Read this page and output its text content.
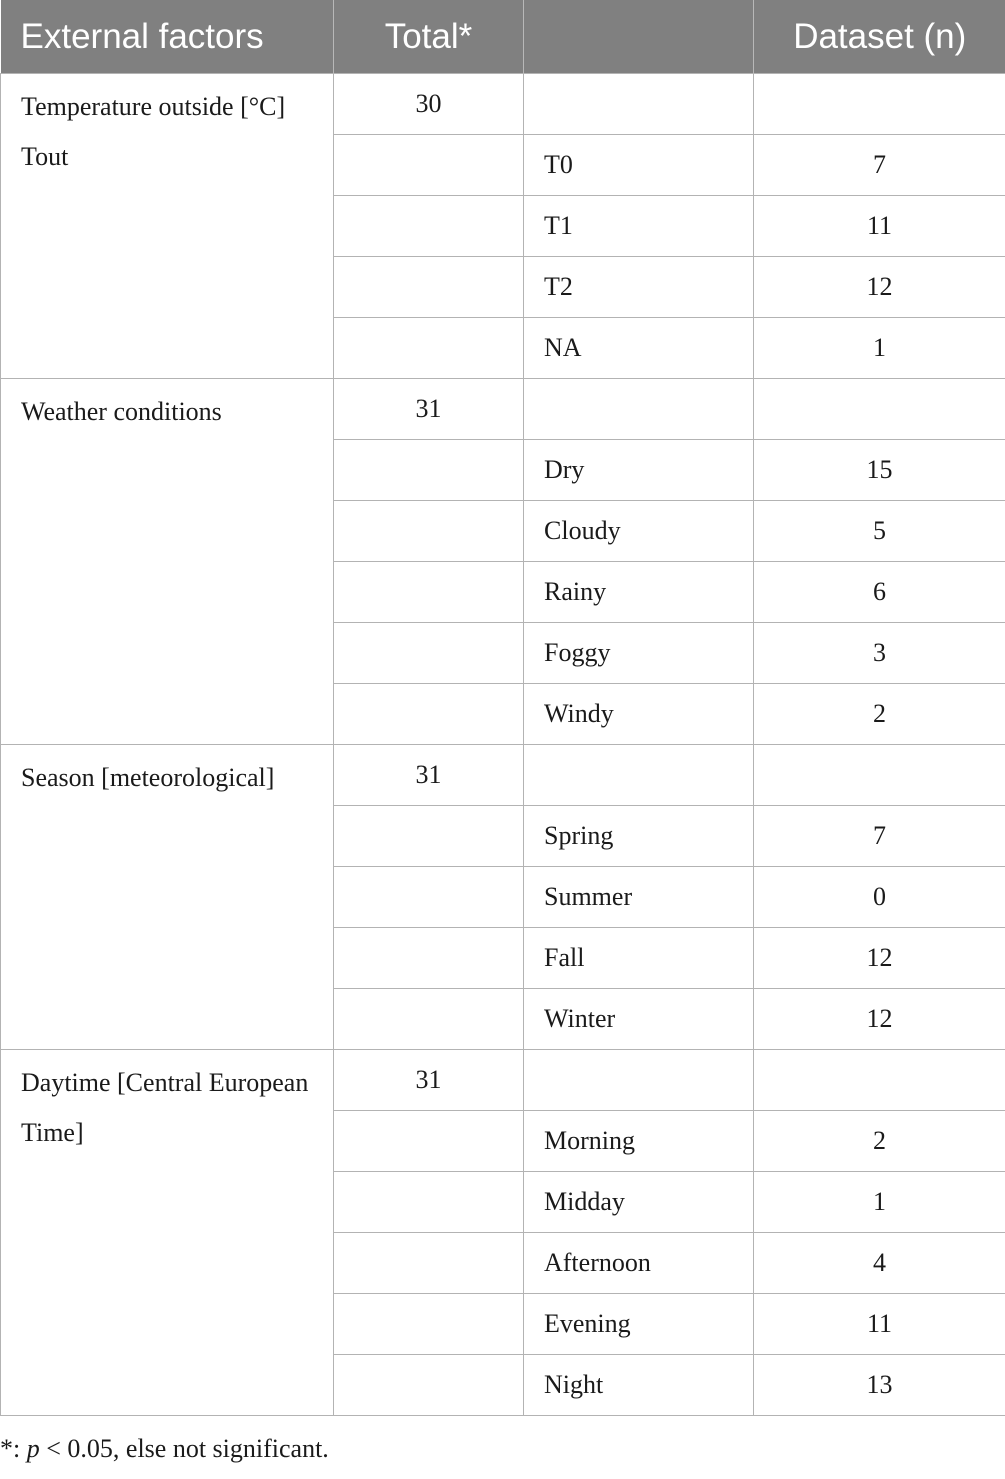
External factors	Total*		Dataset (n)

Temperature outside [°C] Tout	30		
		T0	7
		T1	11
		T2	12
		NA	1

Weather conditions	31		
		Dry	15
		Cloudy	5
		Rainy	6
		Foggy	3
		Windy	2

Season [meteorological]	31		
		Spring	7
		Summer	0
		Fall	12
		Winter	12

Daytime [Central European Time]	31		
		Morning	2
		Midday	1
		Afternoon	4
		Evening	11
		Night	13
*: p < 0.05, else not significant.
